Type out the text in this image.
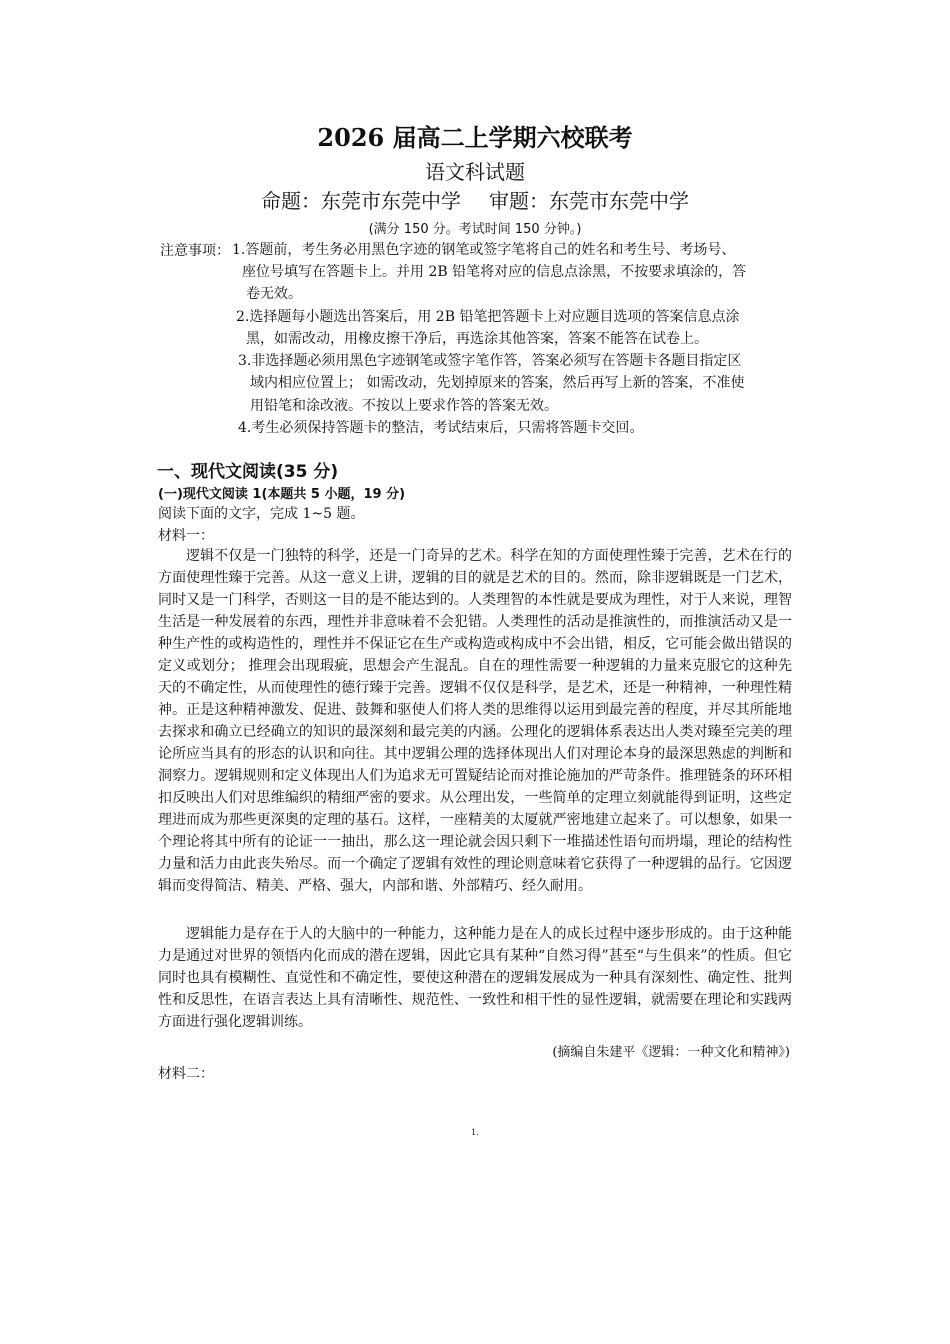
2026 届高二上学期六校联考
语文科试题
命题：东莞市东莞中学 审题：东莞市东莞中学
(满分 150 分。考试时间 150 分钟。)
注意事项： 1.答题前，考生务必用黑色字迹的钢笔或签字笔将自己的姓名和考生号、考场号、
座位号填写在答题卡上。并用 2B 铅笔将对应的信息点涂黑，不按要求填涂的，答
卷无效。
2.选择题每小题选出答案后，用 2B 铅笔把答题卡上对应题目选项的答案信息点涂
黑，如需改动，用橡皮擦干净后，再选涂其他答案，答案不能答在试卷上。
3.非选择题必须用黑色字迹钢笔或签字笔作答，答案必须写在答题卡各题目指定区
域内相应位置上； 如需改动，先划掉原来的答案，然后再写上新的答案，不准使
用铅笔和涂改液。不按以上要求作答的答案无效。
4.考生必须保持答题卡的整洁，考试结束后，只需将答题卡交回。
一、现代文阅读(35 分)
(一)现代文阅读 1(本题共 5 小题，19 分)
阅读下面的文字，完成 1~5 题。
材料一：

逻辑不仅是一门独特的科学，还是一门奇异的艺术。科学在知的方面使理性臻于完善，艺术在行的方面使理性臻于完善。从这一意义上讲，逻辑的目的就是艺术的目的。然而，除非逻辑既是一门艺术，同时又是一门科学，否则这一目的是不能达到的。人类理智的本性就是要成为理性，对于人来说，理智生活是一种发展着的东西，理性并非意味着不会犯错。人类理性的活动是推演性的，而推演活动又是一种生产性的或构造性的，理性并不保证它在生产或构造或构成中不会出错，相反，它可能会做出错误的定义或划分； 推理会出现瑕疵，思想会产生混乱。自在的理性需要一种逻辑的力量来克服它的这种先天的不确定性，从而使理性的德行臻于完善。逻辑不仅仅是科学，是艺术，还是一种精神，一种理性精神。正是这种精神激发、促进、鼓舞和驱使人们将人类的思维得以运用到最完善的程度，并尽其所能地去探求和确立已经确立的知识的最深刻和最完美的内涵。公理化的逻辑体系表达出人类对臻至完美的理论所应当具有的形态的认识和向往。其中逻辑公理的选择体现出人们对理论本身的最深思熟虑的判断和洞察力。逻辑规则和定义体现出人们为追求无可置疑结论而对推论施加的严苛条件。推理链条的环环相扣反映出人们对思维编织的精细严密的要求。从公理出发，一些简单的定理立刻就能得到证明，这些定理进而成为那些更深奥的定理的基石。这样，一座精美的太厦就严密地建立起来了。可以想象，如果一个理论将其中所有的论证一一抽出，那么这一理论就会因只剩下一堆描述性语句而坍塌，理论的结构性力量和活力由此丧失殆尽。而一个确定了逻辑有效性的理论则意味着它获得了一种逻辑的品行。它因逻辑而变得简洁、精美、严格、强大，内部和谐、外部精巧、经久耐用。

逻辑能力是存在于人的大脑中的一种能力，这种能力是在人的成长过程中逐步形成的。由于这种能力是通过对世界的领悟内化而成的潜在逻辑，因此它具有某种“自然习得”甚至“与生俱来”的性质。但它同时也具有模糊性、直觉性和不确定性，要使这种潜在的逻辑发展成为一种具有深刻性、确定性、批判性和反思性，在语言表达上具有清晰性、规范性、一致性和相干性的显性逻辑，就需要在理论和实践两方面进行强化逻辑训练。

(摘编自朱建平《逻辑：一种文化和精神》)
材料二：
1.
